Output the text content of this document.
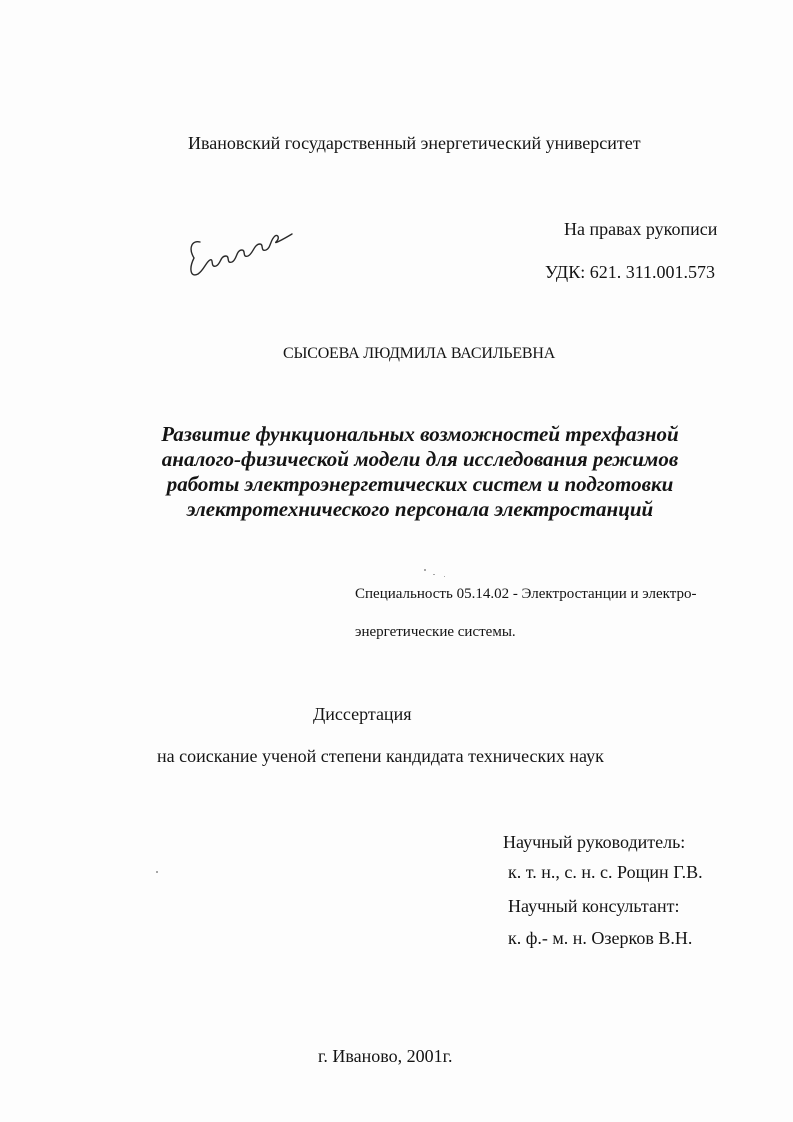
Ивановский государственный энергетический университет
На правах рукописи
УДК: 621. 311.001.573
СЫСОЕВА ЛЮДМИЛА ВАСИЛЬЕВНА
Развитие функциональных возможностей трехфазной
аналого-физической модели для исследования режимов
работы электроэнергетических систем и подготовки
электротехнического персонала электростанций
Специальность 05.14.02 - Электростанции и электро-
энергетические системы.
Диссертация
на соискание ученой степени кандидата технических наук
Научный руководитель:
к. т. н., с. н. с. Рощин Г.В.
Научный консультант:
к. ф.- м. н. Озерков В.Н.
г. Иваново, 2001г.
